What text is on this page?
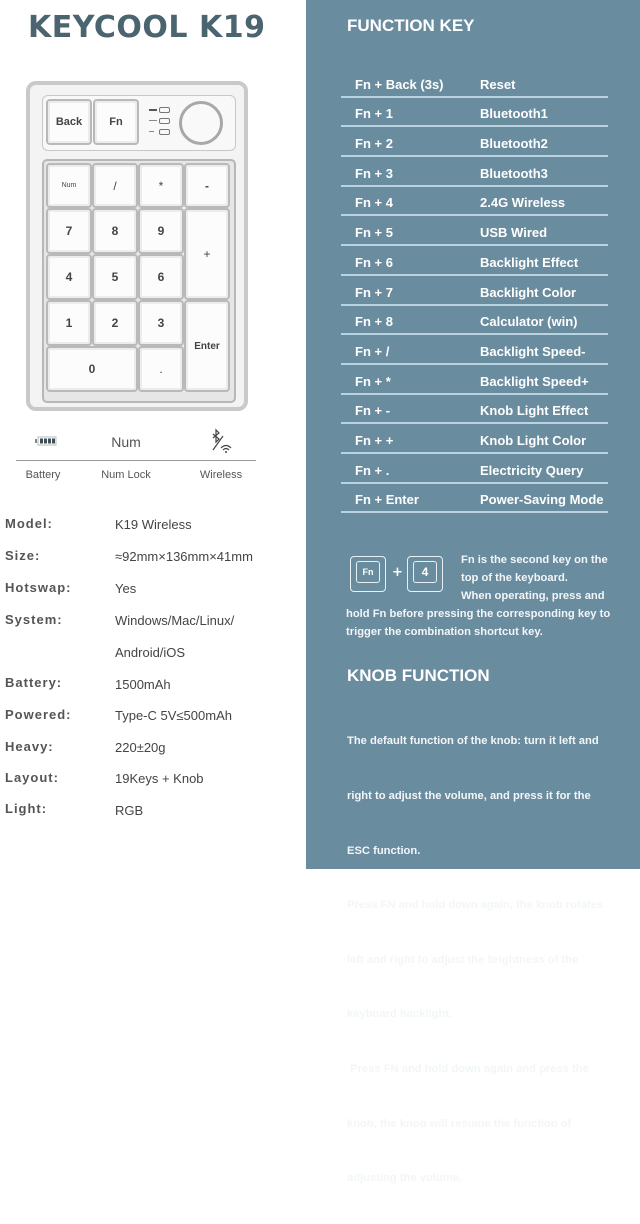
KEYCOOL K19
Back	Fn
Num	/	*	-
7	8	9
+
4	5	6
1	2	3
Enter
0	.
Num
Battery	Num Lock	Wireless
Model:	K19 Wireless
Size:	≈92mm×136mm×41mm
Hotswap:	Yes
System:	Windows/Mac/Linux/
Android/iOS
Battery:	1500mAh
Powered:	Type-C 5V≤500mAh
Heavy:	220±20g
Layout:	19Keys + Knob
Light:	RGB
FUNCTION KEY
Fn + Back (3s)	Reset
Fn + 1	Bluetooth1
Fn + 2	Bluetooth2
Fn + 3	Bluetooth3
Fn + 4	2.4G Wireless
Fn + 5	USB Wired
Fn + 6	Backlight Effect
Fn + 7	Backlight Color
Fn + 8	Calculator (win)
Fn + /	Backlight Speed-
Fn + *	Backlight Speed+
Fn + -	Knob Light Effect
Fn + +	Knob Light Color
Fn + .	Electricity Query
Fn + Enter	Power-Saving Mode
Fn	+	4
Fn is the second key on the
top of the keyboard.
When operating, press and
hold Fn before pressing the corresponding key to
trigger the combination shortcut key.
KNOB FUNCTION

The default function of the knob: turn it left and

right to adjust the volume, and press it for the

ESC function.

Press FN and hold down again, the knob rotates

left and right to adjust the brightness of the

keyboard backlight.

Press FN and hold down again and press the

knob, the knob will resume the function of

adjusting the volume.
